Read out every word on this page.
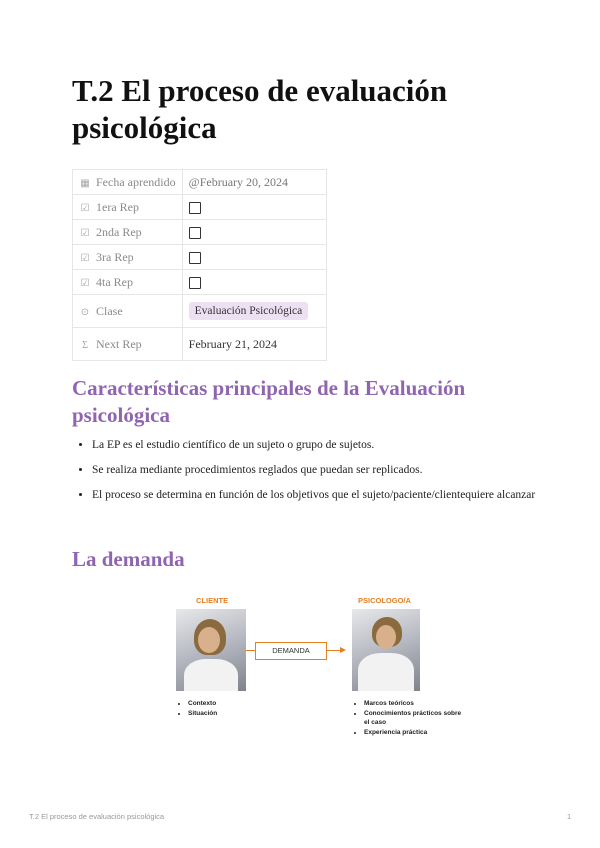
T.2 El proceso de evaluación psicológica
▦ Fecha aprendido	@February 20, 2024
☑ 1era Rep	
☑ 2nda Rep	
☑ 3ra Rep	
☑ 4ta Rep	
⊙ Clase	Evaluación Psicológica
Σ Next Rep	February 21, 2024
Características principales de la Evaluación psicológica
• La EP es el estudio científico de un sujeto o grupo de sujetos.
• Se realiza mediante procedimientos reglados que puedan ser replicados.
• El proceso se determina en función de los objetivos que el sujeto/paciente/clientequiere alcanzar
La demanda
CLIENTE	PSICOLOGO/A
DEMANDA
• Contexto
• Situación
• Marcos teóricos
• Conocimientos prácticos sobre el caso
• Experiencia práctica
T.2 El proceso de evaluación psicológica	1
